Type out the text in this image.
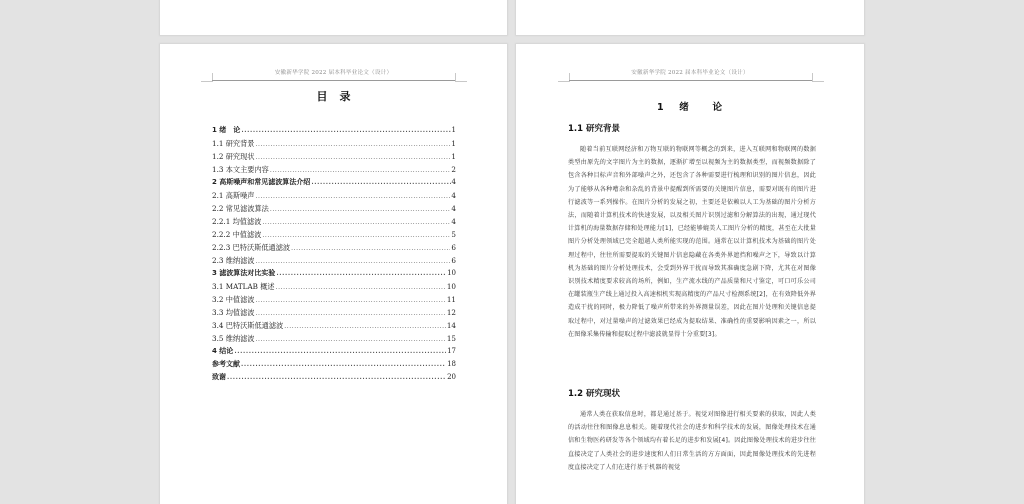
安徽新华学院 2022 届本科毕业论文（设计）
目录
1 绪　论 .....	1
1.1 研究背景 .....	1
1.2 研究现状 .....	1
1.3 本文主要内容 .....	2
2 高斯噪声和常见滤波算法介绍 .....	4
2.1 高斯噪声 .....	4
2.2 常见滤波算法 .....	4
2.2.1 均值滤波 .....	4
2.2.2 中值滤波 .....	5
2.2.3 巴特沃斯低通滤波 .....	6
2.3 维纳滤波 .....	6
3 滤波算法对比实验 .....	10
3.1 MATLAB 概述 .....	10
3.2 中值滤波 .....	11
3.3 均值滤波 .....	12
3.4 巴特沃斯低通滤波 .....	14
3.5 维纳滤波 .....	15
4 结论 .....	17
参考文献 .....	18
致谢 .....	20
安徽新华学院 2022 届本科毕业论文（设计）
1 绪 论
1.1 研究背景
随着当前互联网经济和万物互联的物联网等概念的到来，进入互联网和物联网的数据类型由原先的文字图片为主的数据，逐渐扩增至以视频为主的数据类型，而视频数据除了包含各种目标声音和外部噪声之外，还包含了各种需要进行梳理和识别的图片信息，因此为了能够从各种嘈杂和杂乱的背景中提醒到所需要的关键图片信息，需要对既有的图片进行滤波等一系列操作。在图片分析的发展之初，主要还是依赖以人工为基础的图片分析方法，而随着计算机技术的快速发展，以及相关图片识别过滤和分解算法的出现，通过现代计算机的海量数据存储和处理能力[1]，已经能够媲美人工图片分析的精度，甚至在大批量图片分析处理领域已完全超越人类所能实现的范围。通常在以计算机技术为基础的图片处理过程中，往往所需要提取的关键图片信息隐藏在各类外界遮挡和噪声之下，导致以计算机为基础的图片分析处理技术，会受到外界干扰而导致其准确度急剧下降，尤其在对图像识别技术精度要求较高的场所，例如，生产流水线的产品质量和尺寸鉴定，可口可乐公司在罐装瓶生产线上通过投入高速相机实现高精度的产品尺寸检测系统[2]，在有效降低外界造成干扰的同时，极力降低了噪声所带来的外界测量误差，因此在图片处理和关键信息提取过程中，对过量噪声的过滤效果已经成为提取结果、准确性的重要影响因素之一，所以在图像采集传输和提取过程中滤波就显得十分重要[3]。
1.2 研究现状
通常人类在获取信息时，都是通过基于。视觉对图像进行相关要素的获取，因此人类的活动往往和图像息息相关。随着现代社会的进步和科学技术的发展，图像处理技术在通信和生物医药研发等各个领域均有着长足的进步和发展[4]。因此图像处理技术的进步往往直接决定了人类社会的进步速度和人们日常生活的方方面面，因此图像处理技术的先进程度直接决定了人们在进行基于机器的视觉
